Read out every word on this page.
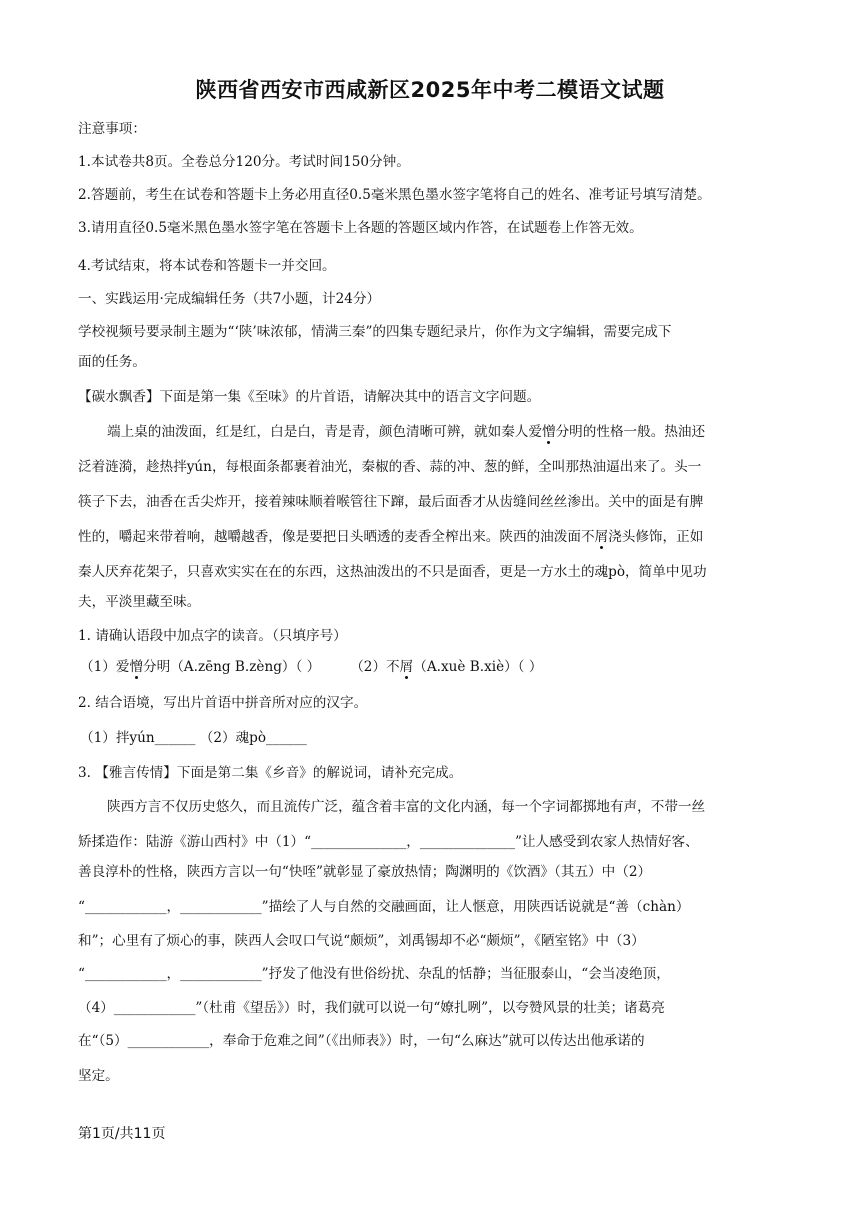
陕西省西安市西咸新区2025年中考二模语文试题
注意事项：
1.本试卷共8页。全卷总分120分。考试时间150分钟。
2.答题前，考生在试卷和答题卡上务必用直径0.5毫米黑色墨水签字笔将自己的姓名、准考证号填写清楚。
3.请用直径0.5毫米黑色墨水签字笔在答题卡上各题的答题区域内作答，在试题卷上作答无效。
4.考试结束，将本试卷和答题卡一并交回。
一、实践运用·完成编辑任务（共7小题，计24分）
学校视频号要录制主题为“‘陕’味浓郁，情满三秦”的四集专题纪录片，你作为文字编辑，需要完成下
面的任务。
【碳水飘香】下面是第一集《至味》的片首语，请解决其中的语言文字问题。
端上桌的油泼面，红是红，白是白，青是青，颜色清晰可辨，就如秦人爱憎分明的性格一般。热油还
泛着涟漪，趁热拌yún，每根面条都裹着油光，秦椒的香、蒜的冲、葱的鲜，全叫那热油逼出来了。头一
筷子下去，油香在舌尖炸开，接着辣味顺着喉管往下蹿，最后面香才从齿缝间丝丝渗出。关中的面是有脾
性的，嚼起来带着响，越嚼越香，像是要把日头晒透的麦香全榨出来。陕西的油泼面不屑浇头修饰，正如
秦人厌弃花架子，只喜欢实实在在的东西，这热油泼出的不只是面香，更是一方水土的魂pò，简单中见功
夫，平淡里藏至味。
1. 请确认语段中加点字的读音。（只填序号）
（1）爱憎分明（A.zēng B.zèng）（ ） （2）不屑（A.xuè B.xiè）（ ）
2. 结合语境，写出片首语中拼音所对应的汉字。
（1）拌yún______ （2）魂pò______
3. 【雅言传情】下面是第二集《乡音》的解说词，请补充完成。
陕西方言不仅历史悠久，而且流传广泛，蕴含着丰富的文化内涵，每一个字词都掷地有声，不带一丝
矫揉造作：陆游《游山西村》中（1）“______________，______________”让人感受到农家人热情好客、
善良淳朴的性格，陕西方言以一句“快咥”就彰显了豪放热情；陶渊明的《饮酒》（其五）中（2）
“____________，____________”描绘了人与自然的交融画面，让人惬意，用陕西话说就是“善（chàn）
和”；心里有了烦心的事，陕西人会叹口气说“颇烦”，刘禹锡却不必“颇烦”，《陋室铭》中（3）
“____________，____________”抒发了他没有世俗纷扰、杂乱的恬静；当征服泰山，“会当凌绝顶，
（4）____________”（杜甫《望岳》）时，我们就可以说一句“嫽扎咧”，以夸赞风景的壮美；诸葛亮
在“（5）____________，奉命于危难之间”（《出师表》）时，一句“么麻达”就可以传达出他承诺的
坚定。
第1页/共11页
